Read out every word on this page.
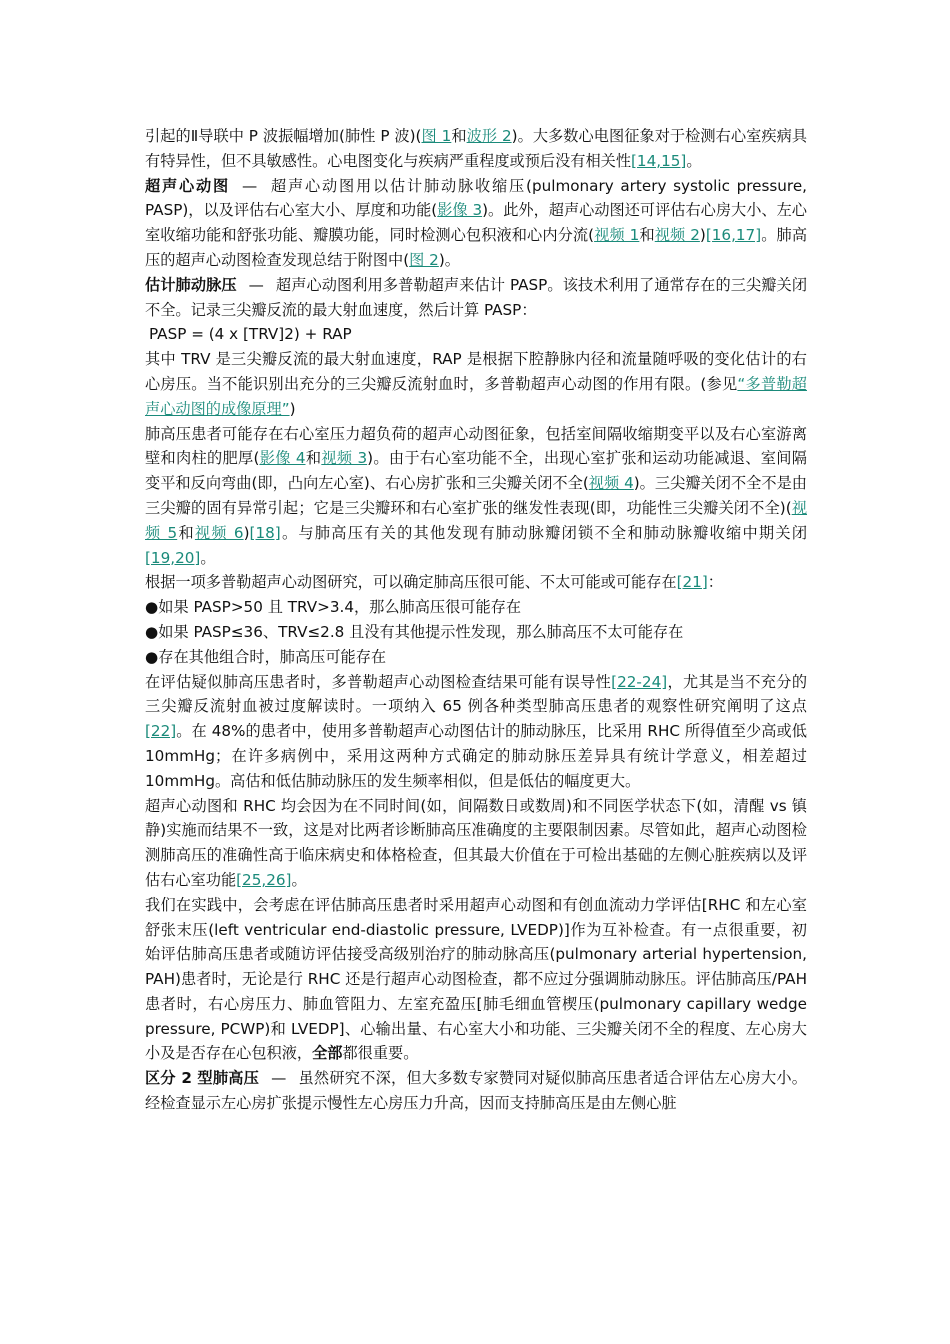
引起的Ⅱ导联中 P 波振幅增加(肺性 P 波)(图 1和波形 2)。大多数心电图征象对于检测右心室疾病具有特异性，但不具敏感性。心电图变化与疾病严重程度或预后没有相关性[14,15]。

超声心动图 — 超声心动图用以估计肺动脉收缩压(pulmonary artery systolic pressure, PASP)，以及评估右心室大小、厚度和功能(影像 3)。此外，超声心动图还可评估右心房大小、左心室收缩功能和舒张功能、瓣膜功能，同时检测心包积液和心内分流(视频 1和视频 2)[16,17]。肺高压的超声心动图检查发现总结于附图中(图 2)。

估计肺动脉压 — 超声心动图利用多普勒超声来估计 PASP。该技术利用了通常存在的三尖瓣关闭不全。记录三尖瓣反流的最大射血速度，然后计算 PASP：

PASP = (4 x [TRV]2) + RAP

其中 TRV 是三尖瓣反流的最大射血速度，RAP 是根据下腔静脉内径和流量随呼吸的变化估计的右心房压。当不能识别出充分的三尖瓣反流射血时，多普勒超声心动图的作用有限。(参见“多普勒超声心动图的成像原理”)

肺高压患者可能存在右心室压力超负荷的超声心动图征象，包括室间隔收缩期变平以及右心室游离壁和肉柱的肥厚(影像 4和视频 3)。由于右心室功能不全，出现心室扩张和运动功能减退、室间隔变平和反向弯曲(即，凸向左心室)、右心房扩张和三尖瓣关闭不全(视频 4)。三尖瓣关闭不全不是由三尖瓣的固有异常引起；它是三尖瓣环和右心室扩张的继发性表现(即，功能性三尖瓣关闭不全)(视频 5和视频 6)[18]。与肺高压有关的其他发现有肺动脉瓣闭锁不全和肺动脉瓣收缩中期关闭[19,20]。

根据一项多普勒超声心动图研究，可以确定肺高压很可能、不太可能或可能存在[21]：

●如果 PASP>50 且 TRV>3.4，那么肺高压很可能存在

●如果 PASP≤36、TRV≤2.8 且没有其他提示性发现，那么肺高压不太可能存在

●存在其他组合时，肺高压可能存在

在评估疑似肺高压患者时，多普勒超声心动图检查结果可能有误导性[22-24]，尤其是当不充分的三尖瓣反流射血被过度解读时。一项纳入 65 例各种类型肺高压患者的观察性研究阐明了这点[22]。在 48%的患者中，使用多普勒超声心动图估计的肺动脉压，比采用 RHC 所得值至少高或低 10mmHg；在许多病例中，采用这两种方式确定的肺动脉压差异具有统计学意义，相差超过 10mmHg。高估和低估肺动脉压的发生频率相似，但是低估的幅度更大。

超声心动图和 RHC 均会因为在不同时间(如，间隔数日或数周)和不同医学状态下(如，清醒 vs 镇静)实施而结果不一致，这是对比两者诊断肺高压准确度的主要限制因素。尽管如此，超声心动图检测肺高压的准确性高于临床病史和体格检查，但其最大价值在于可检出基础的左侧心脏疾病以及评估右心室功能[25,26]。

我们在实践中，会考虑在评估肺高压患者时采用超声心动图和有创血流动力学评估[RHC 和左心室舒张末压(left ventricular end-diastolic pressure, LVEDP)]作为互补检查。有一点很重要，初始评估肺高压患者或随访评估接受高级别治疗的肺动脉高压(pulmonary arterial hypertension, PAH)患者时，无论是行 RHC 还是行超声心动图检查，都不应过分强调肺动脉压。评估肺高压/PAH 患者时，右心房压力、肺血管阻力、左室充盈压[肺毛细血管楔压(pulmonary capillary wedge pressure, PCWP)和 LVEDP]、心输出量、右心室大小和功能、三尖瓣关闭不全的程度、左心房大小及是否存在心包积液，全部都很重要。

区分 2 型肺高压 — 虽然研究不深，但大多数专家赞同对疑似肺高压患者适合评估左心房大小。经检查显示左心房扩张提示慢性左心房压力升高，因而支持肺高压是由左侧心脏
